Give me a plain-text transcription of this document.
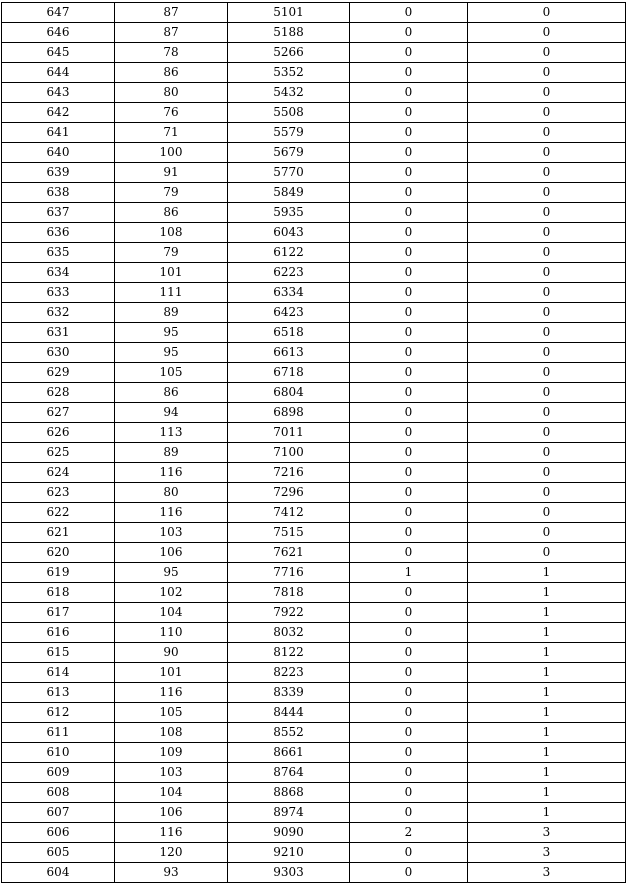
647	87	5101	0	0
646	87	5188	0	0
645	78	5266	0	0
644	86	5352	0	0
643	80	5432	0	0
642	76	5508	0	0
641	71	5579	0	0
640	100	5679	0	0
639	91	5770	0	0
638	79	5849	0	0
637	86	5935	0	0
636	108	6043	0	0
635	79	6122	0	0
634	101	6223	0	0
633	111	6334	0	0
632	89	6423	0	0
631	95	6518	0	0
630	95	6613	0	0
629	105	6718	0	0
628	86	6804	0	0
627	94	6898	0	0
626	113	7011	0	0
625	89	7100	0	0
624	116	7216	0	0
623	80	7296	0	0
622	116	7412	0	0
621	103	7515	0	0
620	106	7621	0	0
619	95	7716	1	1
618	102	7818	0	1
617	104	7922	0	1
616	110	8032	0	1
615	90	8122	0	1
614	101	8223	0	1
613	116	8339	0	1
612	105	8444	0	1
611	108	8552	0	1
610	109	8661	0	1
609	103	8764	0	1
608	104	8868	0	1
607	106	8974	0	1
606	116	9090	2	3
605	120	9210	0	3
604	93	9303	0	3
